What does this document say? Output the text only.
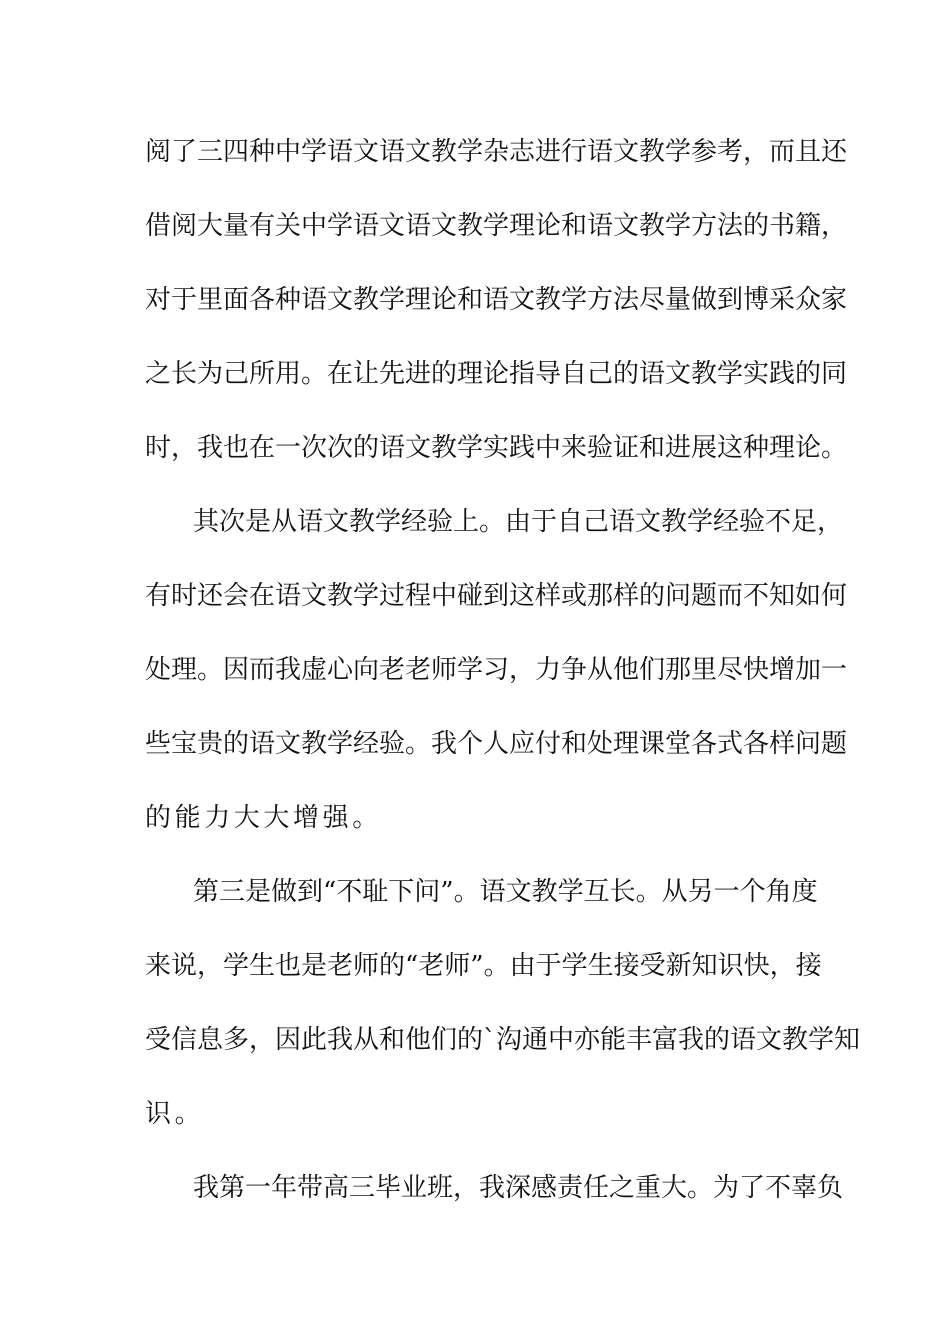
阅了三四种中学语文语文教学杂志进行语文教学参考，而且还
借阅大量有关中学语文语文教学理论和语文教学方法的书籍，
对于里面各种语文教学理论和语文教学方法尽量做到博采众家
之长为己所用。在让先进的理论指导自己的语文教学实践的同
时，我也在一次次的语文教学实践中来验证和进展这种理论。
其次是从语文教学经验上。由于自己语文教学经验不足，
有时还会在语文教学过程中碰到这样或那样的问题而不知如何
处理。因而我虚心向老老师学习，力争从他们那里尽快增加一
些宝贵的语文教学经验。我个人应付和处理课堂各式各样问题
的能力大大增强。
第三是做到“不耻下问”。语文教学互长。从另一个角度
来说，学生也是老师的“老师”。由于学生接受新知识快，接
受信息多，因此我从和他们的`沟通中亦能丰富我的语文教学知
识。
我第一年带高三毕业班，我深感责任之重大。为了不辜负
